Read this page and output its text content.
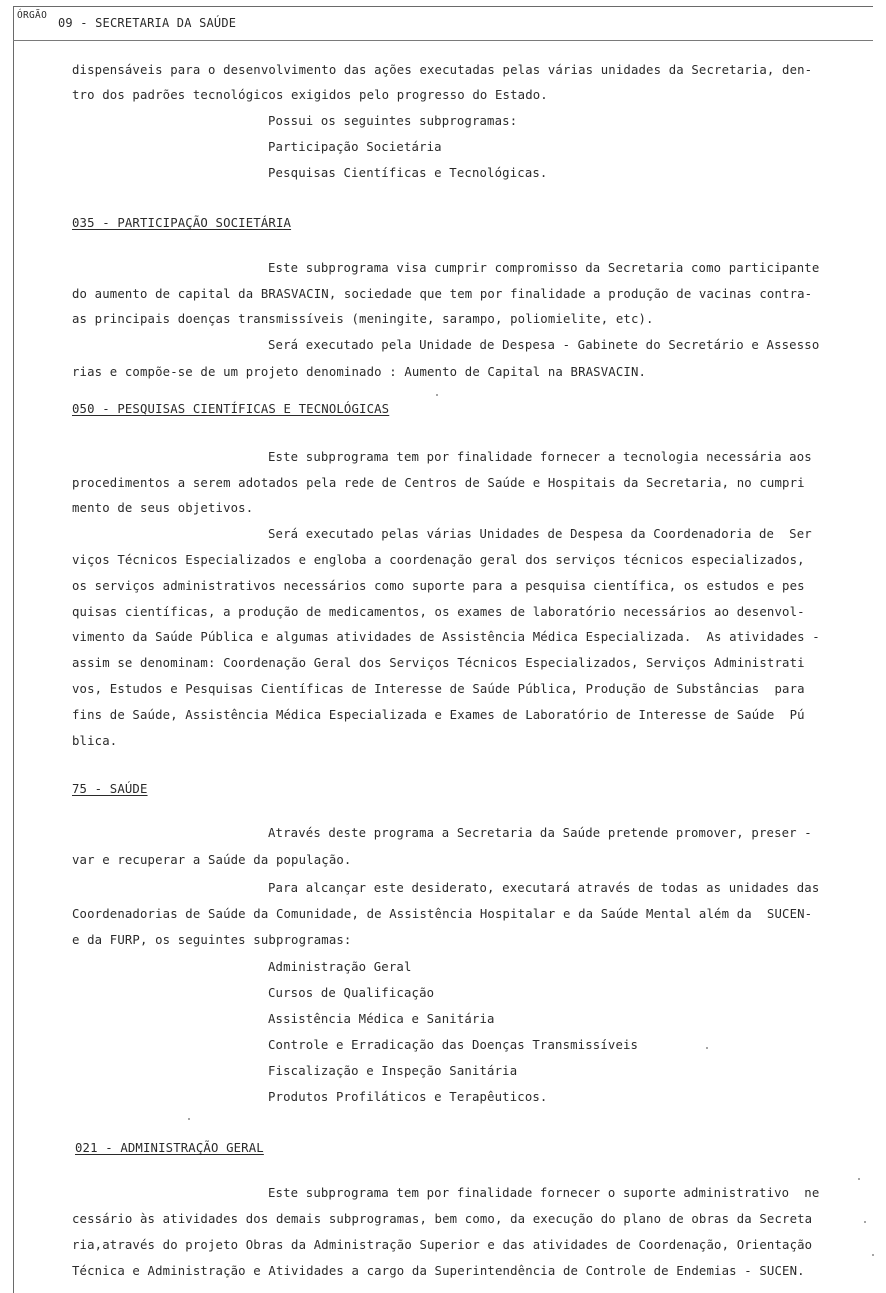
ÓRGÃO
09 - SECRETARIA DA SAÚDE
dispensáveis para o desenvolvimento das ações executadas pelas várias unidades da Secretaria, den-
tro dos padrões tecnológicos exigidos pelo progresso do Estado.
Possui os seguintes subprogramas:
Participação Societária
Pesquisas Científicas e Tecnológicas.
035 - PARTICIPAÇÃO SOCIETÁRIA
Este subprograma visa cumprir compromisso da Secretaria como participante
do aumento de capital da BRASVACIN, sociedade que tem por finalidade a produção de vacinas contra-
as principais doenças transmissíveis (meningite, sarampo, poliomielite, etc).
Será executado pela Unidade de Despesa - Gabinete do Secretário e Assesso
rias e compõe-se de um projeto denominado : Aumento de Capital na BRASVACIN.
050 - PESQUISAS CIENTÍFICAS E TECNOLÓGICAS
Este subprograma tem por finalidade fornecer a tecnologia necessária aos
procedimentos a serem adotados pela rede de Centros de Saúde e Hospitais da Secretaria, no cumpri
mento de seus objetivos.
Será executado pelas várias Unidades de Despesa da Coordenadoria de  Ser
viços Técnicos Especializados e engloba a coordenação geral dos serviços técnicos especializados,
os serviços administrativos necessários como suporte para a pesquisa científica, os estudos e pes
quisas científicas, a produção de medicamentos, os exames de laboratório necessários ao desenvol-
vimento da Saúde Pública e algumas atividades de Assistência Médica Especializada.  As atividades -
assim se denominam: Coordenação Geral dos Serviços Técnicos Especializados, Serviços Administrati
vos, Estudos e Pesquisas Científicas de Interesse de Saúde Pública, Produção de Substâncias  para
fins de Saúde, Assistência Médica Especializada e Exames de Laboratório de Interesse de Saúde  Pú
blica.
75 - SAÚDE
Através deste programa a Secretaria da Saúde pretende promover, preser -
var e recuperar a Saúde da população.
Para alcançar este desiderato, executará através de todas as unidades das
Coordenadorias de Saúde da Comunidade, de Assistência Hospitalar e da Saúde Mental além da  SUCEN-
e da FURP, os seguintes subprogramas:
Administração Geral
Cursos de Qualificação
Assistência Médica e Sanitária
Controle e Erradicação das Doenças Transmissíveis
Fiscalização e Inspeção Sanitária
Produtos Profiláticos e Terapêuticos.
021 - ADMINISTRAÇÃO GERAL
Este subprograma tem por finalidade fornecer o suporte administrativo  ne
cessário às atividades dos demais subprogramas, bem como, da execução do plano de obras da Secreta
ria,através do projeto Obras da Administração Superior e das atividades de Coordenação, Orientação
Técnica e Administração e Atividades a cargo da Superintendência de Controle de Endemias - SUCEN.
